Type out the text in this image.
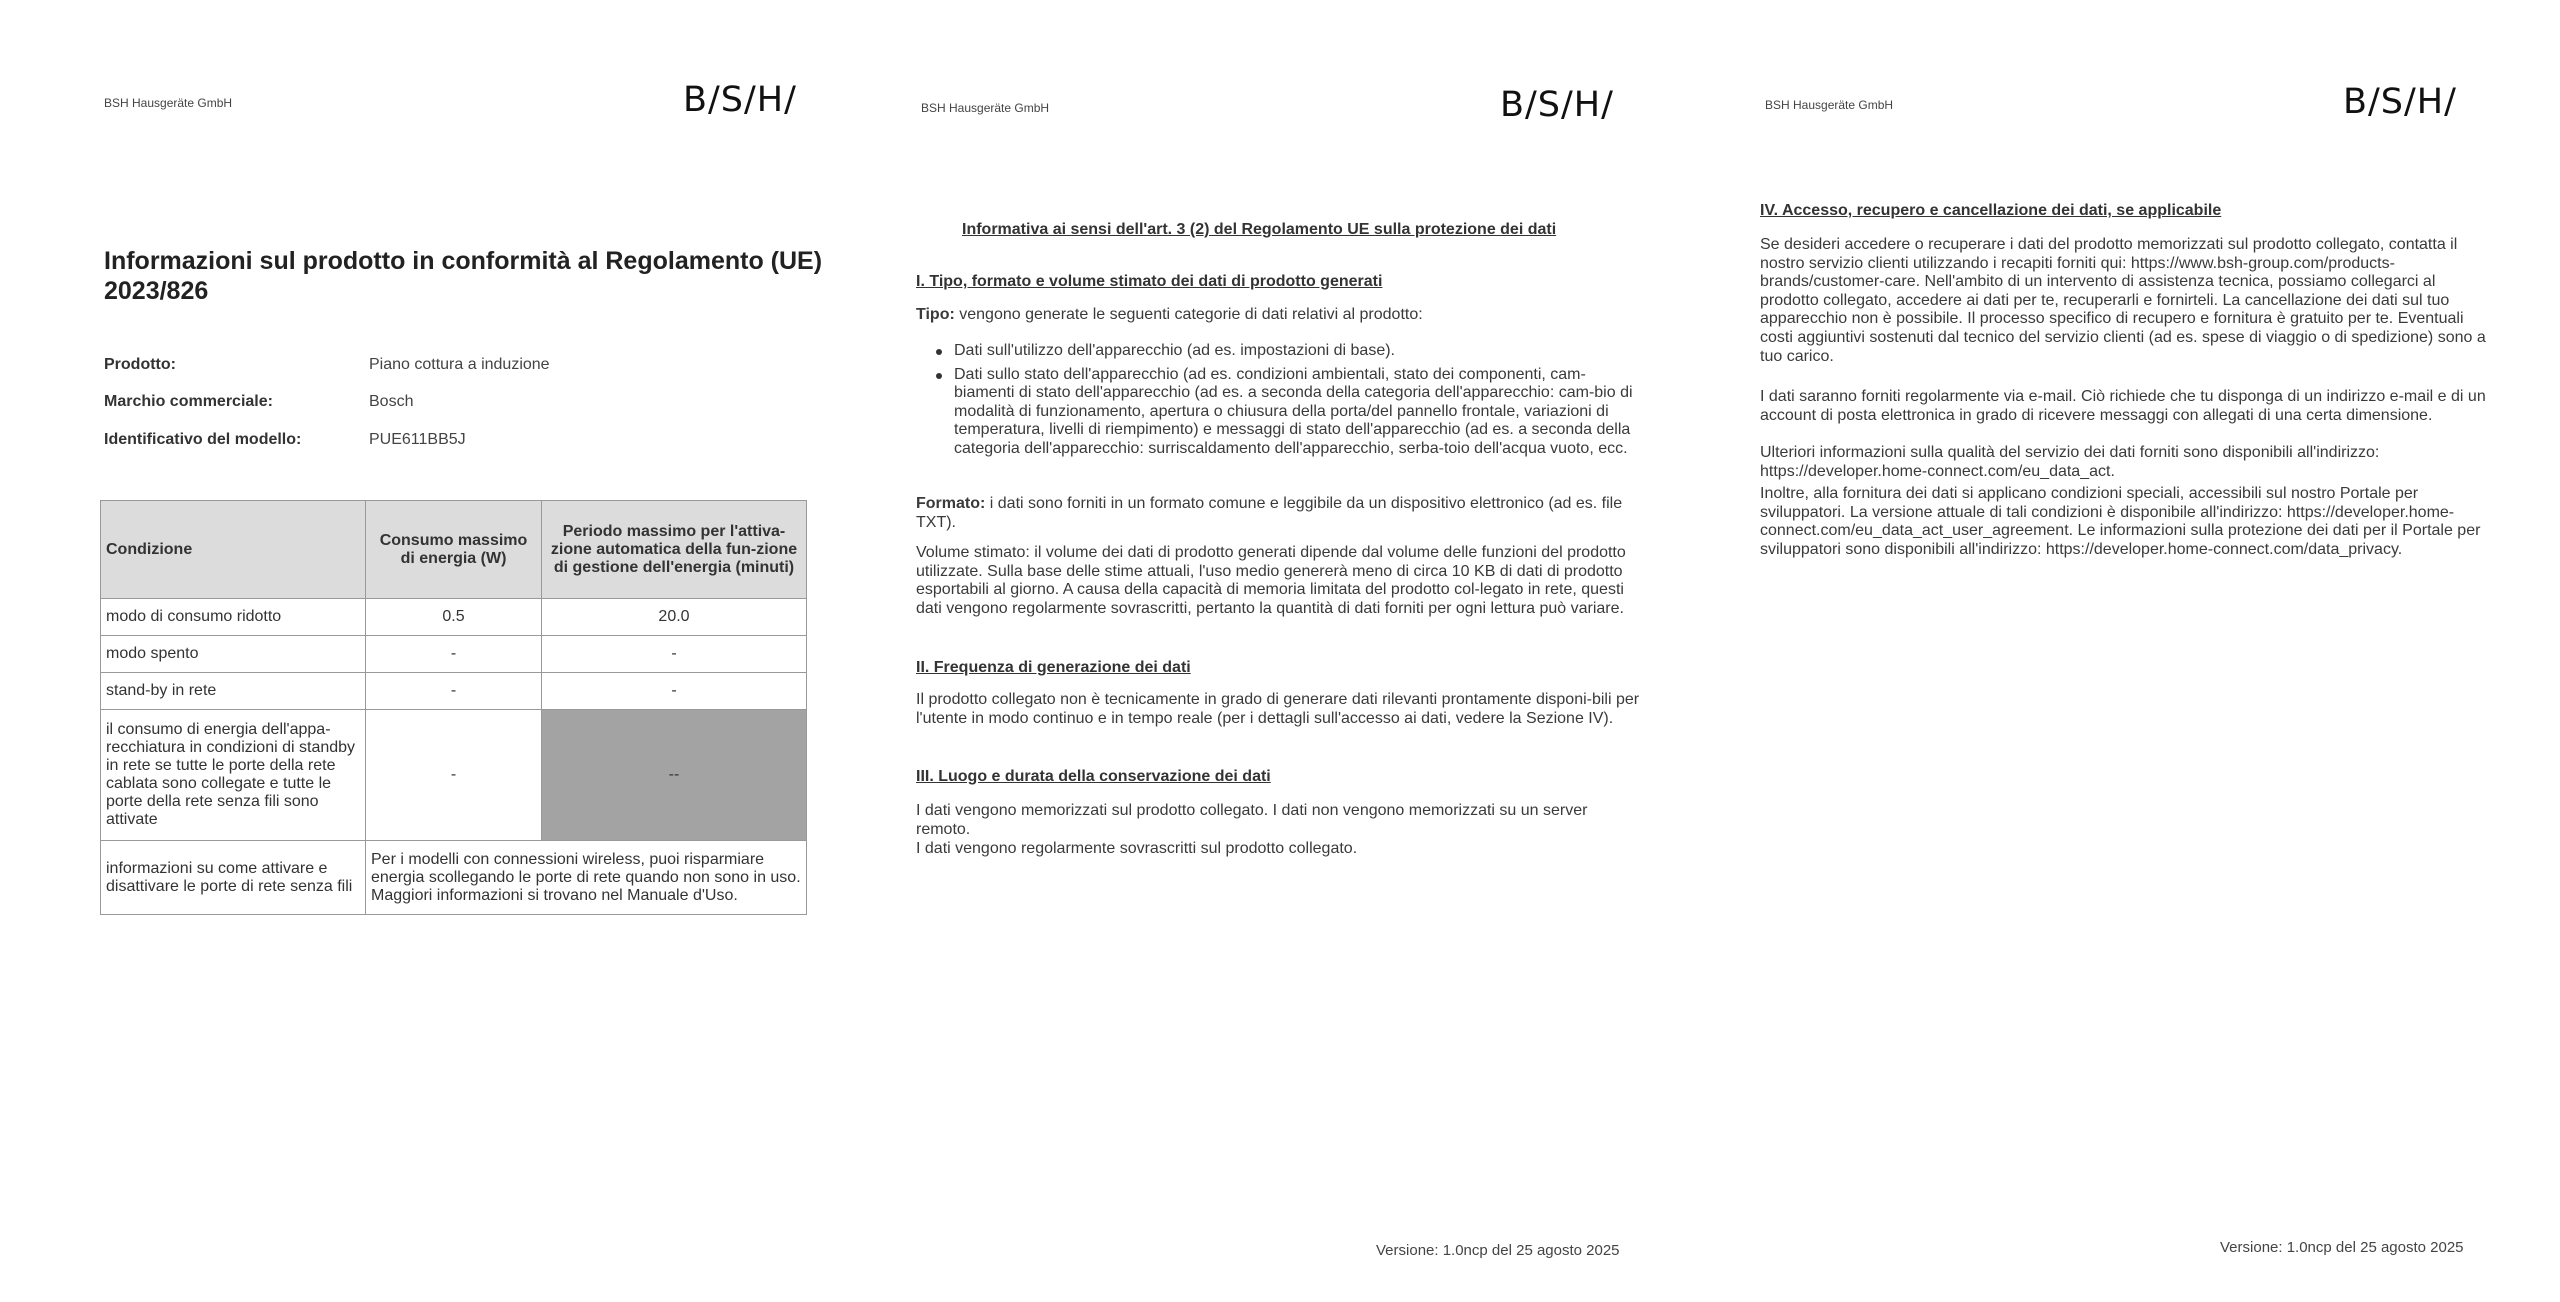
BSH Hausgeräte GmbH	B/S/H/
Informazioni sul prodotto in conformità al Regolamento (UE) 2023/826
Prodotto:	Piano cottura a induzione
Marchio commerciale:	Bosch
Identificativo del modello:	PUE611BB5J
Condizione	Consumo massimo di energia (W)	Periodo massimo per l'attiva-zione automatica della fun-zione di gestione dell'energia (minuti)
modo di consumo ridotto	0.5	20.0
modo spento	-	-
stand-by in rete	-	-
il consumo di energia dell'appa-recchiatura in condizioni di standby in rete se tutte le porte della rete cablata sono collegate e tutte le porte della rete senza fili sono attivate	-	--
informazioni su come attivare e disattivare le porte di rete senza fili	Per i modelli con connessioni wireless, puoi risparmiare energia scollegando le porte di rete quando non sono in uso. Maggiori informazioni si trovano nel Manuale d'Uso.	
BSH Hausgeräte GmbH	B/S/H/
Informativa ai sensi dell'art. 3 (2) del Regolamento UE sulla protezione dei dati
I. Tipo, formato e volume stimato dei dati di prodotto generati

Tipo: vengono generate le seguenti categorie di dati relativi al prodotto:

Dati sull'utilizzo dell'apparecchio (ad es. impostazioni di base).
Dati sullo stato dell'apparecchio (ad es. condizioni ambientali, stato dei componenti, cam-biamenti di stato dell'apparecchio (ad es. a seconda della categoria dell'apparecchio: cam-bio di modalità di funzionamento, apertura o chiusura della porta/del pannello frontale, variazioni di temperatura, livelli di riempimento) e messaggi di stato dell'apparecchio (ad es. a seconda della categoria dell'apparecchio: surriscaldamento dell'apparecchio, serba-toio dell'acqua vuoto, ecc.

Formato: i dati sono forniti in un formato comune e leggibile da un dispositivo elettronico (ad es. file TXT).

Volume stimato: il volume dei dati di prodotto generati dipende dal volume delle funzioni del prodotto utilizzate. Sulla base delle stime attuali, l'uso medio genererà meno di circa 10 KB di dati di prodotto esportabili al giorno. A causa della capacità di memoria limitata del prodotto col-legato in rete, questi dati vengono regolarmente sovrascritti, pertanto la quantità di dati forniti per ogni lettura può variare.

II. Frequenza di generazione dei dati

Il prodotto collegato non è tecnicamente in grado di generare dati rilevanti prontamente disponi-bili per l'utente in modo continuo e in tempo reale (per i dettagli sull'accesso ai dati, vedere la Sezione IV).

III. Luogo e durata della conservazione dei dati

I dati vengono memorizzati sul prodotto collegato. I dati non vengono memorizzati su un server remoto.

I dati vengono regolarmente sovrascritti sul prodotto collegato.

Versione: 1.0ncp del 25 agosto 2025
BSH Hausgeräte GmbH	B/S/H/
IV. Accesso, recupero e cancellazione dei dati, se applicabile

Se desideri accedere o recuperare i dati del prodotto memorizzati sul prodotto collegato, contatta il nostro servizio clienti utilizzando i recapiti forniti qui: https://www.bsh-group.com/products-brands/customer-care. Nell'ambito di un intervento di assistenza tecnica, possiamo collegarci al prodotto collegato, accedere ai dati per te, recuperarli e fornirteli. La cancellazione dei dati sul tuo apparecchio non è possibile. Il processo specifico di recupero e fornitura è gratuito per te. Eventuali costi aggiuntivi sostenuti dal tecnico del servizio clienti (ad es. spese di viaggio o di spedizione) sono a tuo carico.

I dati saranno forniti regolarmente via e-mail. Ciò richiede che tu disponga di un indirizzo e-mail e di un account di posta elettronica in grado di ricevere messaggi con allegati di una certa dimensione.

Ulteriori informazioni sulla qualità del servizio dei dati forniti sono disponibili all'indirizzo: https://developer.home-connect.com/eu_data_act.

Inoltre, alla fornitura dei dati si applicano condizioni speciali, accessibili sul nostro Portale per sviluppatori. La versione attuale di tali condizioni è disponibile all'indirizzo: https://developer.home-connect.com/eu_data_act_user_agreement. Le informazioni sulla protezione dei dati per il Portale per sviluppatori sono disponibili all'indirizzo: https://developer.home-connect.com/data_privacy.

Versione: 1.0ncp del 25 agosto 2025
